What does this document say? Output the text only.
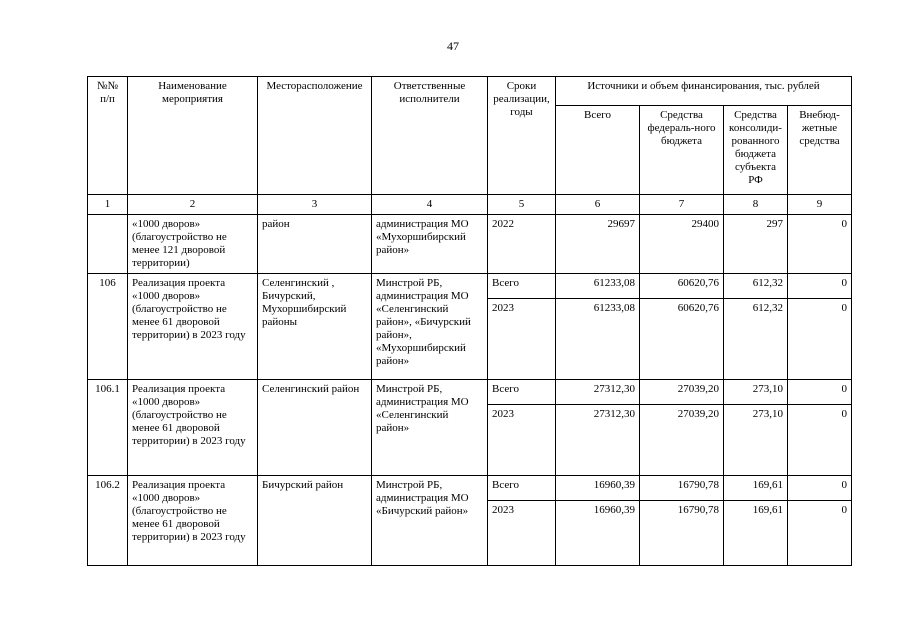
47
№№ п/п	Наименование мероприятия	Месторасположение	Ответственные исполнители	Сроки реализации, годы	Источники и объем финансирования, тыс. рублей			
					Всего	Средства федераль-ного бюджета	Средства консолиди-рованного бюджета субъекта РФ	Внебюд-жетные средства
1	2	3	4	5	6	7	8	9
	«1000 дворов» (благоустройство не менее 121 дворовой территории)	район	администрация МО «Мухоршибирский район»	2022	29697	29400	297	0
106	Реализация проекта «1000 дворов» (благоустройство не менее 61 дворовой территории) в 2023 году	Селенгинский , Бичурский, Мухоршибирский районы	Минстрой РБ, администрация МО «Селенгинский район», «Бичурский район», «Мухоршибирский район»	Всего	61233,08	60620,76	612,32	0
				2023	61233,08	60620,76	612,32	0
106.1	Реализация проекта «1000 дворов» (благоустройство не менее 61 дворовой территории) в 2023 году	Селенгинский район	Минстрой РБ, администрация МО «Селенгинский район»	Всего	27312,30	27039,20	273,10	0
				2023	27312,30	27039,20	273,10	0
106.2	Реализация проекта «1000 дворов» (благоустройство не менее 61 дворовой территории) в 2023 году	Бичурский район	Минстрой РБ, администрация МО «Бичурский район»	Всего	16960,39	16790,78	169,61	0
				2023	16960,39	16790,78	169,61	0
